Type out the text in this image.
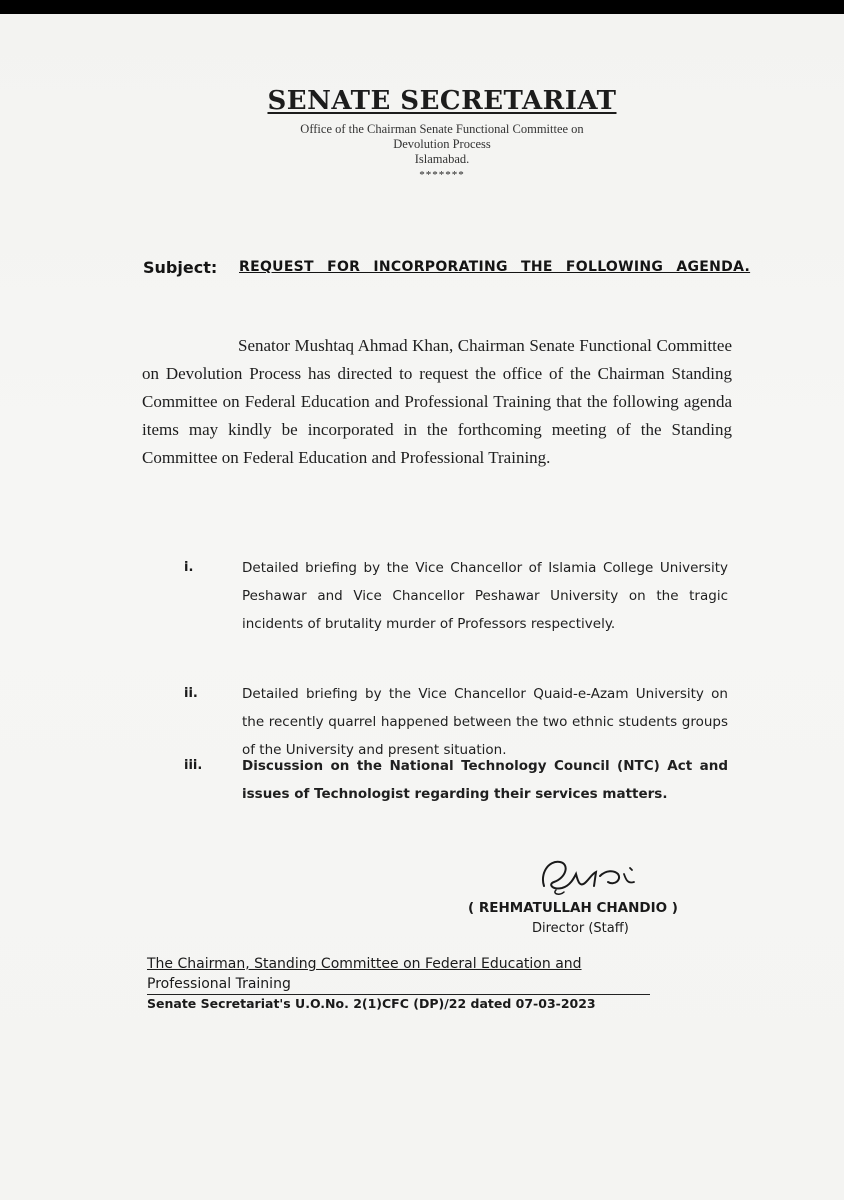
SENATE SECRETARIAT
Office of the Chairman Senate Functional Committee on
Devolution Process
Islamabad.
*******
Subject: REQUEST FOR INCORPORATING THE FOLLOWING AGENDA.
Senator Mushtaq Ahmad Khan, Chairman Senate Functional Committee on Devolution Process has directed to request the office of the Chairman Standing Committee on Federal Education and Professional Training that the following agenda items may kindly be incorporated in the forthcoming meeting of the Standing Committee on Federal Education and Professional Training.
i.	Detailed briefing by the Vice Chancellor of Islamia College University Peshawar and Vice Chancellor Peshawar University on the tragic incidents of brutality murder of Professors respectively.
ii.	Detailed briefing by the Vice Chancellor Quaid-e-Azam University on the recently quarrel happened between the two ethnic students groups of the University and present situation.
iii.	Discussion on the National Technology Council (NTC) Act and issues of Technologist regarding their services matters.
( REHMATULLAH CHANDIO )
Director (Staff)
The Chairman, Standing Committee on Federal Education and
Professional Training
Senate Secretariat's U.O.No. 2(1)CFC (DP)/22 dated 07-03-2023
